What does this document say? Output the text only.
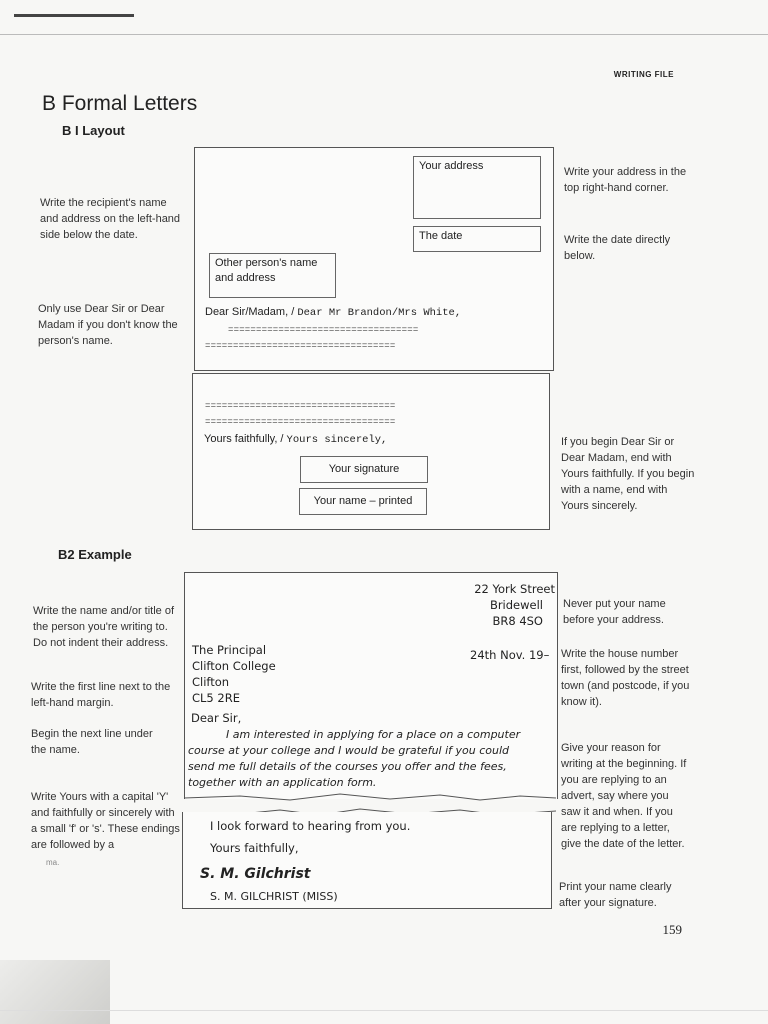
WRITING FILE
B Formal Letters
B I Layout
Write the recipient's name and address on the left-hand side below the date.
Only use Dear Sir or Dear Madam if you don't know the person's name.
Your address
The date
Other person's name and address
Dear Sir/Madam, / Dear Mr Brandon/Mrs White,
==================================
==================================
Write your address in the top right-hand corner.
Write the date directly below.
==================================
==================================
Yours faithfully, / Yours sincerely,
Your signature
Your name – printed
If you begin Dear Sir or Dear Madam, end with Yours faithfully. If you begin with a name, end with Yours sincerely.
B2 Example
Write the name and/or title of the person you're writing to. Do not indent their address.
Write the first line next to the left-hand margin.
Begin the next line under the name.
Write Yours with a capital 'Y' and faithfully or sincerely with a small 'f' or 's'. These endings are followed by a
ma.
22 York Street
Bridewell
BR8 4SO
24th Nov. 19–
The Principal
Clifton College
Clifton
CL5 2RE
Dear Sir,
I am interested in applying for a place on a computer
course at your college and I would be grateful if you could
send me full details of the courses you offer and the fees,
together with an application form.
I look forward to hearing from you.
Yours faithfully,
S. M. Gilchrist
S. M. GILCHRIST (MISS)
Never put your name before your address.
Write the house number first, followed by the street town (and postcode, if you know it).
Give your reason for writing at the beginning. If you are replying to an advert, say where you saw it and when. If you are replying to a letter, give the date of the letter.
Print your name clearly after your signature.
159
